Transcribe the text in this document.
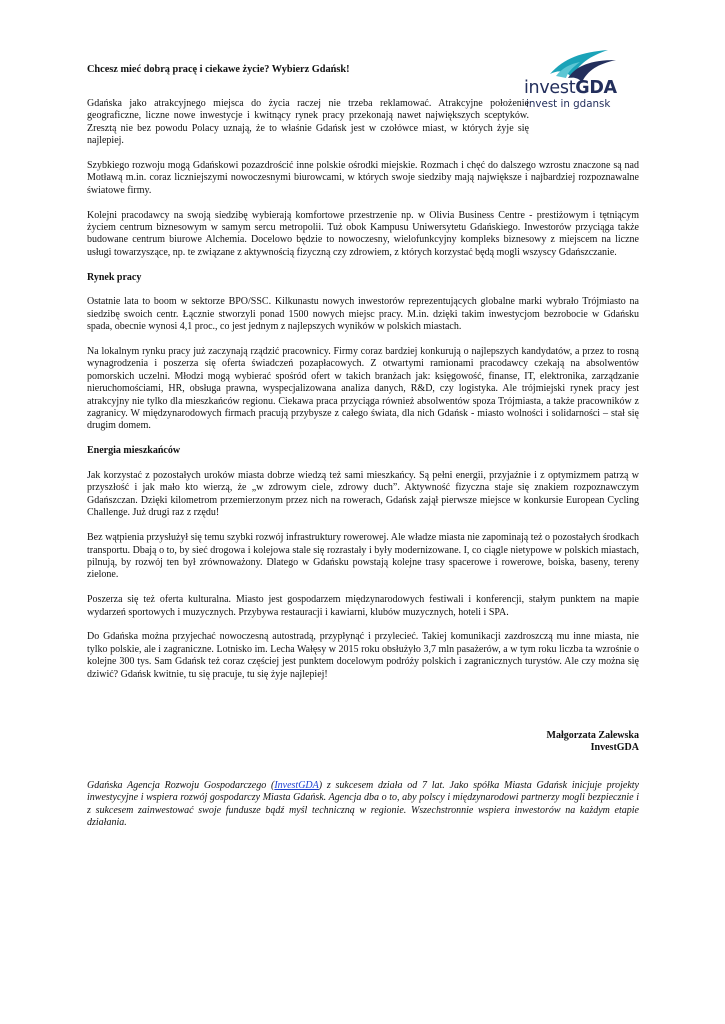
Chcesz mieć dobrą pracę i ciekawe życie? Wybierz Gdańsk!
investGDA
invest in gdansk

Gdańska jako atrakcyjnego miejsca do życia raczej nie trzeba reklamować. Atrakcyjne położenie geograficzne, liczne nowe inwestycje i kwitnący rynek pracy przekonają nawet największych sceptyków. Zresztą nie bez powodu Polacy uznają, że to właśnie Gdańsk jest w czołówce miast, w których żyje się najlepiej.

Szybkiego rozwoju mogą Gdańskowi pozazdrościć inne polskie ośrodki miejskie. Rozmach i chęć do dalszego wzrostu znaczone są nad Motławą m.in. coraz liczniejszymi nowoczesnymi biurowcami, w których swoje siedziby mają największe i najbardziej rozpoznawalne światowe firmy.

Kolejni pracodawcy na swoją siedzibę wybierają komfortowe przestrzenie np. w Olivia Business Centre - prestiżowym i tętniącym życiem centrum biznesowym w samym sercu metropolii. Tuż obok Kampusu Uniwersytetu Gdańskiego. Inwestorów przyciąga także budowane centrum biurowe Alchemia. Docelowo będzie to nowoczesny, wielofunkcyjny kompleks biznesowy z miejscem na liczne usługi towarzyszące, np. te związane z aktywnością fizyczną czy zdrowiem, z których korzystać będą mogli wszyscy Gdańszczanie.

Rynek pracy

Ostatnie lata to boom w sektorze BPO/SSC. Kilkunastu nowych inwestorów reprezentujących globalne marki wybrało Trójmiasto na siedzibę swoich centr. Łącznie stworzyli ponad 1500 nowych miejsc pracy. M.in. dzięki takim inwestycjom bezrobocie w Gdańsku spada, obecnie wynosi 4,1 proc., co jest jednym z najlepszych wyników w polskich miastach.

Na lokalnym rynku pracy już zaczynają rządzić pracownicy. Firmy coraz bardziej konkurują o najlepszych kandydatów, a przez to rosną wynagrodzenia i poszerza się oferta świadczeń pozapłacowych. Z otwartymi ramionami pracodawcy czekają na absolwentów pomorskich uczelni. Młodzi mogą wybierać spośród ofert w takich branżach jak: księgowość, finanse, IT, elektronika, zarządzanie nieruchomościami, HR, obsługa prawna, wyspecjalizowana analiza danych, R&D, czy logistyka. Ale trójmiejski rynek pracy jest atrakcyjny nie tylko dla mieszkańców regionu. Ciekawa praca przyciąga również absolwentów spoza Trójmiasta, a także pracowników z zagranicy. W międzynarodowych firmach pracują przybysze z całego świata, dla nich Gdańsk - miasto wolności i solidarności – stał się drugim domem.

Energia mieszkańców

Jak korzystać z pozostałych uroków miasta dobrze wiedzą też sami mieszkańcy. Są pełni energii, przyjaźnie i z optymizmem patrzą w przyszłość i jak mało kto wierzą, że „w zdrowym ciele, zdrowy duch”. Aktywność fizyczna staje się znakiem rozpoznawczym Gdańszczan. Dzięki kilometrom przemierzonym przez nich na rowerach, Gdańsk zajął pierwsze miejsce w konkursie European Cycling Challenge. Już drugi raz z rzędu!

Bez wątpienia przysłużył się temu szybki rozwój infrastruktury rowerowej. Ale władze miasta nie zapominają też o pozostałych środkach transportu. Dbają o to, by sieć drogowa i kolejowa stale się rozrastały i były modernizowane. I, co ciągle nietypowe w polskich miastach, pilnują, by rozwój ten był zrównoważony. Dlatego w Gdańsku powstają kolejne trasy spacerowe i rowerowe, boiska, baseny, tereny zielone.

Poszerza się też oferta kulturalna. Miasto jest gospodarzem międzynarodowych festiwali i konferencji, stałym punktem na mapie wydarzeń sportowych i muzycznych. Przybywa restauracji i kawiarni, klubów muzycznych, hoteli i SPA.

Do Gdańska można przyjechać nowoczesną autostradą, przypłynąć i przylecieć. Takiej komunikacji zazdroszczą mu inne miasta, nie tylko polskie, ale i zagraniczne. Lotnisko im. Lecha Wałęsy w 2015 roku obsłużyło 3,7 mln pasażerów, a w tym roku liczba ta wzrośnie o kolejne 300 tys. Sam Gdańsk też coraz częściej jest punktem docelowym podróży polskich i zagranicznych turystów. Ale czy można się dziwić? Gdańsk kwitnie, tu się pracuje, tu się żyje najlepiej!

Małgorzata Zalewska
InvestGDA
Gdańska Agencja Rozwoju Gospodarczego (InvestGDA) z sukcesem działa od 7 lat. Jako spółka Miasta Gdańsk inicjuje projekty inwestycyjne i wspiera rozwój gospodarczy Miasta Gdańsk. Agencja dba o to, aby polscy i międzynarodowi partnerzy mogli bezpiecznie i z sukcesem zainwestować swoje fundusze bądź myśl techniczną w regionie. Wszechstronnie wspiera inwestorów na każdym etapie działania.
